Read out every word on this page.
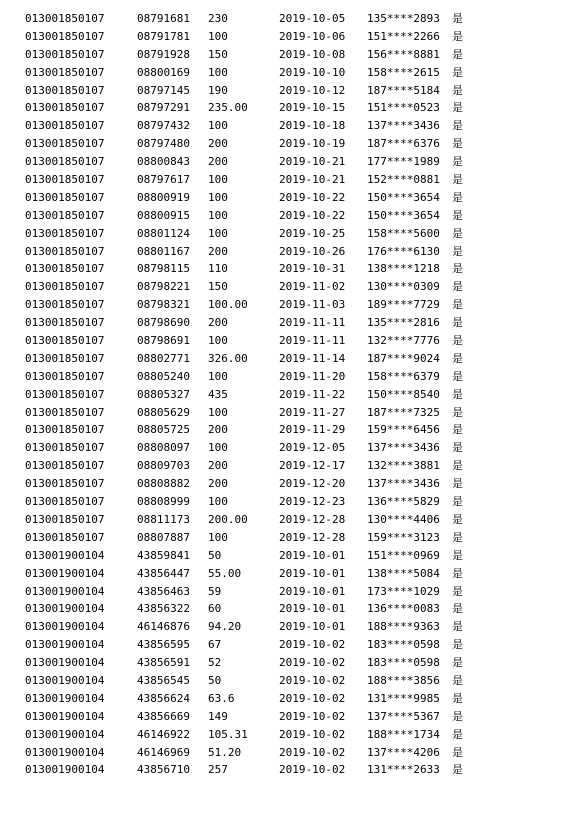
013001850107	08791681 230	2019-10-05 135****2893 是
013001850107	08791781 100	2019-10-06 151****2266 是
013001850107	08791928 150	2019-10-08 156****8881 是
013001850107	08800169 100	2019-10-10 158****2615 是
013001850107	08797145 190	2019-10-12 187****5184 是
013001850107	08797291 235.00	2019-10-15 151****0523 是
013001850107	08797432 100	2019-10-18 137****3436 是
013001850107	08797480 200	2019-10-19 187****6376 是
013001850107	08800843 200	2019-10-21 177****1989 是
013001850107	08797617 100	2019-10-21 152****0881 是
013001850107	08800919 100	2019-10-22 150****3654 是
013001850107	08800915 100	2019-10-22 150****3654 是
013001850107	08801124 100	2019-10-25 158****5600 是
013001850107	08801167 200	2019-10-26 176****6130 是
013001850107	08798115 110	2019-10-31 138****1218 是
013001850107	08798221 150	2019-11-02 130****0309 是
013001850107	08798321 100.00	2019-11-03 189****7729 是
013001850107	08798690 200	2019-11-11 135****2816 是
013001850107	08798691 100	2019-11-11 132****7776 是
013001850107	08802771 326.00	2019-11-14 187****9024 是
013001850107	08805240 100	2019-11-20 158****6379 是
013001850107	08805327 435	2019-11-22 150****8540 是
013001850107	08805629 100	2019-11-27 187****7325 是
013001850107	08805725 200	2019-11-29 159****6456 是
013001850107	08808097 100	2019-12-05 137****3436 是
013001850107	08809703 200	2019-12-17 132****3881 是
013001850107	08808882 200	2019-12-20 137****3436 是
013001850107	08808999 100	2019-12-23 136****5829 是
013001850107	08811173 200.00	2019-12-28 130****4406 是
013001850107	08807887 100	2019-12-28 159****3123 是
013001900104	43859841 50	2019-10-01 151****0969 是
013001900104	43856447 55.00	2019-10-01 138****5084 是
013001900104	43856463 59	2019-10-01 173****1029 是
013001900104	43856322 60	2019-10-01 136****0083 是
013001900104	46146876 94.20	2019-10-01 188****9363 是
013001900104	43856595 67	2019-10-02 183****0598 是
013001900104	43856591 52	2019-10-02 183****0598 是
013001900104	43856545 50	2019-10-02 188****3856 是
013001900104	43856624 63.6	2019-10-02 131****9985 是
013001900104	43856669 149	2019-10-02 137****5367 是
013001900104	46146922 105.31	2019-10-02 188****1734 是
013001900104	46146969 51.20	2019-10-02 137****4206 是
013001900104	43856710 257	2019-10-02 131****2633 是
